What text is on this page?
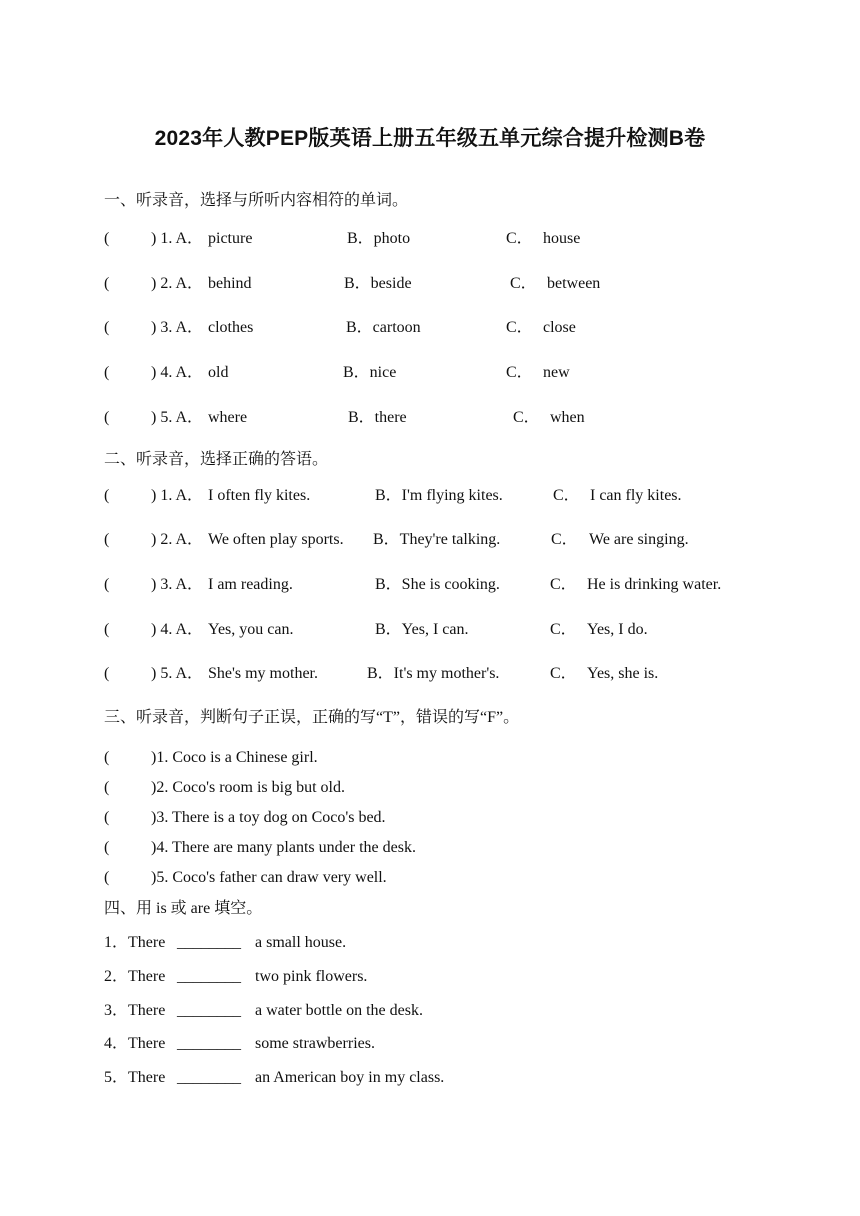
2023年人教PEP版英语上册五年级五单元综合提升检测B卷
一、听录音，选择与所听内容相符的单词。
(	) 1. A． picture	B．photo	C． house
(	) 2. A． behind	B．beside	C． between
(	) 3. A． clothes	B．cartoon	C． close
(	) 4. A． old	B．nice	C． new
(	) 5. A． where	B．there	C． when
二、听录音，选择正确的答语。
(	) 1. A． I often fly kites.	B．I'm flying kites.	C． I can fly kites.
(	) 2. A． We often play sports. B．They're talking.	C． We are singing.
(	) 3. A． I am reading.	B．She is cooking.	C． He is drinking water.
(	) 4. A． Yes, you can.	B．Yes, I can.	C． Yes, I do.
(	) 5. A． She's my mother.	B．It's my mother's.	C． Yes, she is.
三、听录音，判断句子正误，正确的写“T”，错误的写“F”。
(	)1. Coco is a Chinese girl.
(	)2. Coco's room is big but old.
(	)3. There is a toy dog on Coco's bed.
(	)4. There are many plants under the desk.
(	)5. Coco's father can draw very well.
四、用 is 或 are 填空。
1．There ________ a small house.
2．There ________ two pink flowers.
3．There ________ a water bottle on the desk.
4．There ________ some strawberries.
5．There ________ an American boy in my class.
